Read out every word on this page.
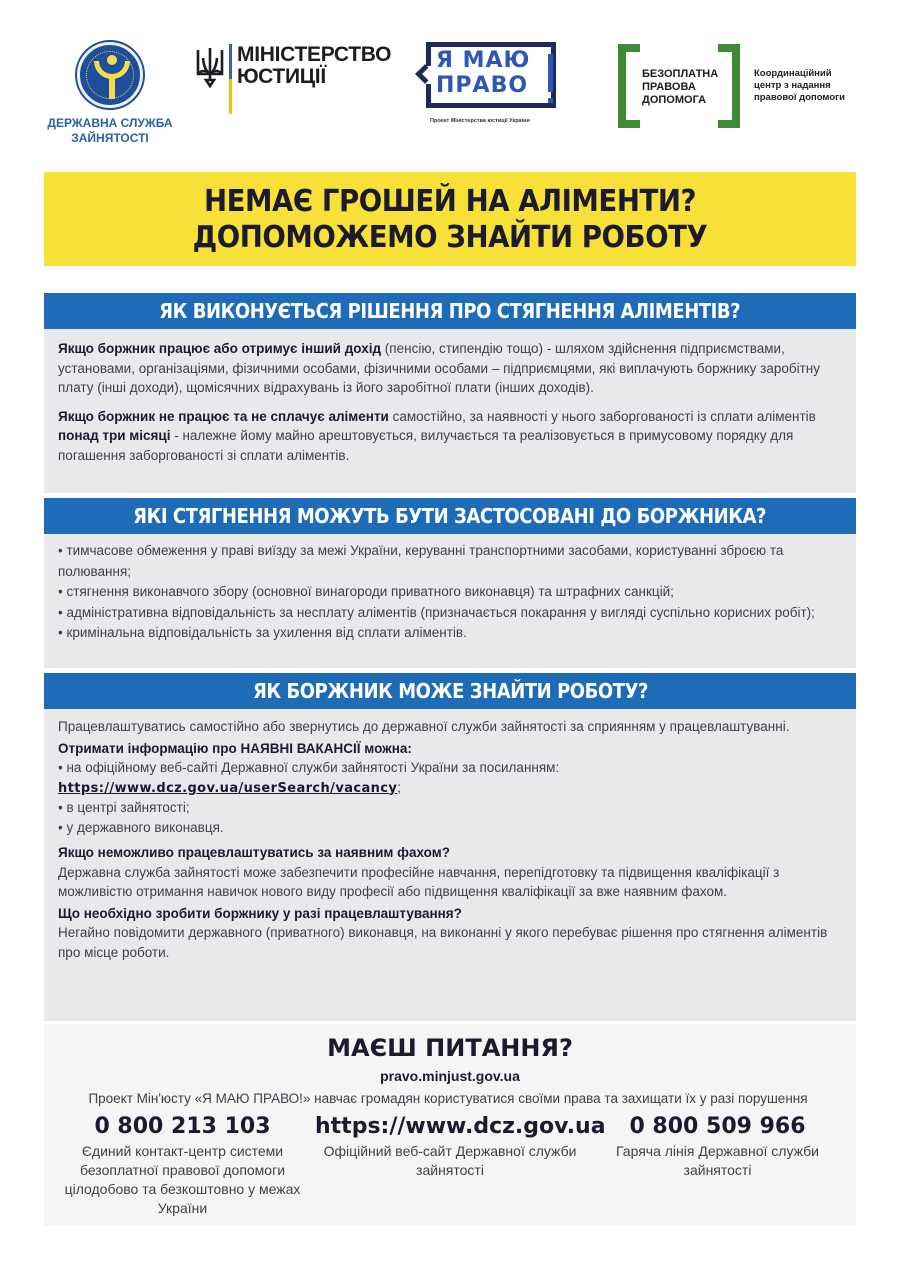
ДЕРЖАВНА СЛУЖБА
ЗАЙНЯТОСТІ
МІНІСТЕРСТВО
ЮСТИЦІЇ
Я МАЮ
ПРАВО
Проект Міністерства юстиції України
БЕЗОПЛАТНА
ПРАВОВА
ДОПОМОГА
Координаційний
центр з надання
правової допомоги
НЕМАЄ ГРОШЕЙ НА АЛІМЕНТИ?
ДОПОМОЖЕМО ЗНАЙТИ РОБОТУ
ЯК ВИКОНУЄТЬСЯ РІШЕННЯ ПРО СТЯГНЕННЯ АЛІМЕНТІВ?

Якщо боржник працює або отримує інший дохід (пенсію, стипендію тощо) - шляхом здійснення підприємствами, установами, організаціями, фізичними особами, фізичними особами – підприємцями, які виплачують боржнику заробітну плату (інші доходи), щомісячних відрахувань із його заробітної плати (інших доходів).

Якщо боржник не працює та не сплачує аліменти самостійно, за наявності у нього заборгованості із сплати аліментів понад три місяці - належне йому майно арештовується, вилучається та реалізовується в примусовому порядку для погашення заборгованості зі сплати аліментів.

ЯКІ СТЯГНЕННЯ МОЖУТЬ БУТИ ЗАСТОСОВАНІ ДО БОРЖНИКА?

• тимчасове обмеження у праві виїзду за межі України, керуванні транспортними засобами, користуванні зброєю та полювання;

• стягнення виконавчого збору (основної винагороди приватного виконавця) та штрафних санкцій;

• адміністративна відповідальність за несплату аліментів (призначається покарання у вигляді суспільно корисних робіт);

• кримінальна відповідальність за ухилення від сплати аліментів.

ЯК БОРЖНИК МОЖЕ ЗНАЙТИ РОБОТУ?

Працевлаштуватись самостійно або звернутись до державної служби зайнятості за сприянням у працевлаштуванні.

Отримати інформацію про НАЯВНІ ВАКАНСІЇ можна:

• на офіційному веб-сайті Державної служби зайнятості України за посиланням:

https://www.dcz.gov.ua/userSearch/vacancy;

• в центрі зайнятості;

• у державного виконавця.

Якщо неможливо працевлаштуватись за наявним фахом?

Державна служба зайнятості може забезпечити професійне навчання, перепідготовку та підвищення кваліфікації з можливістю отримання навичок нового виду професії або підвищення кваліфікації за вже наявним фахом.

Що необхідно зробити боржнику у разі працевлаштування?

Негайно повідомити державного (приватного) виконавця, на виконанні у якого перебуває рішення про стягнення аліментів про місце роботи.

МАЄШ ПИТАННЯ?
pravo.minjust.gov.ua
Проект Мін'юсту «Я МАЮ ПРАВО!» навчає громадян користуватися своїми права та захищати їх у разі порушення
0 800 213 103
Єдиний контакт-центр системи безоплатної правової допомоги цілодобово та безкоштовно у межах України
https://www.dcz.gov.ua
Офіційний веб-сайт Державної служби зайнятості
0 800 509 966
Гаряча лінія Державної служби зайнятості
